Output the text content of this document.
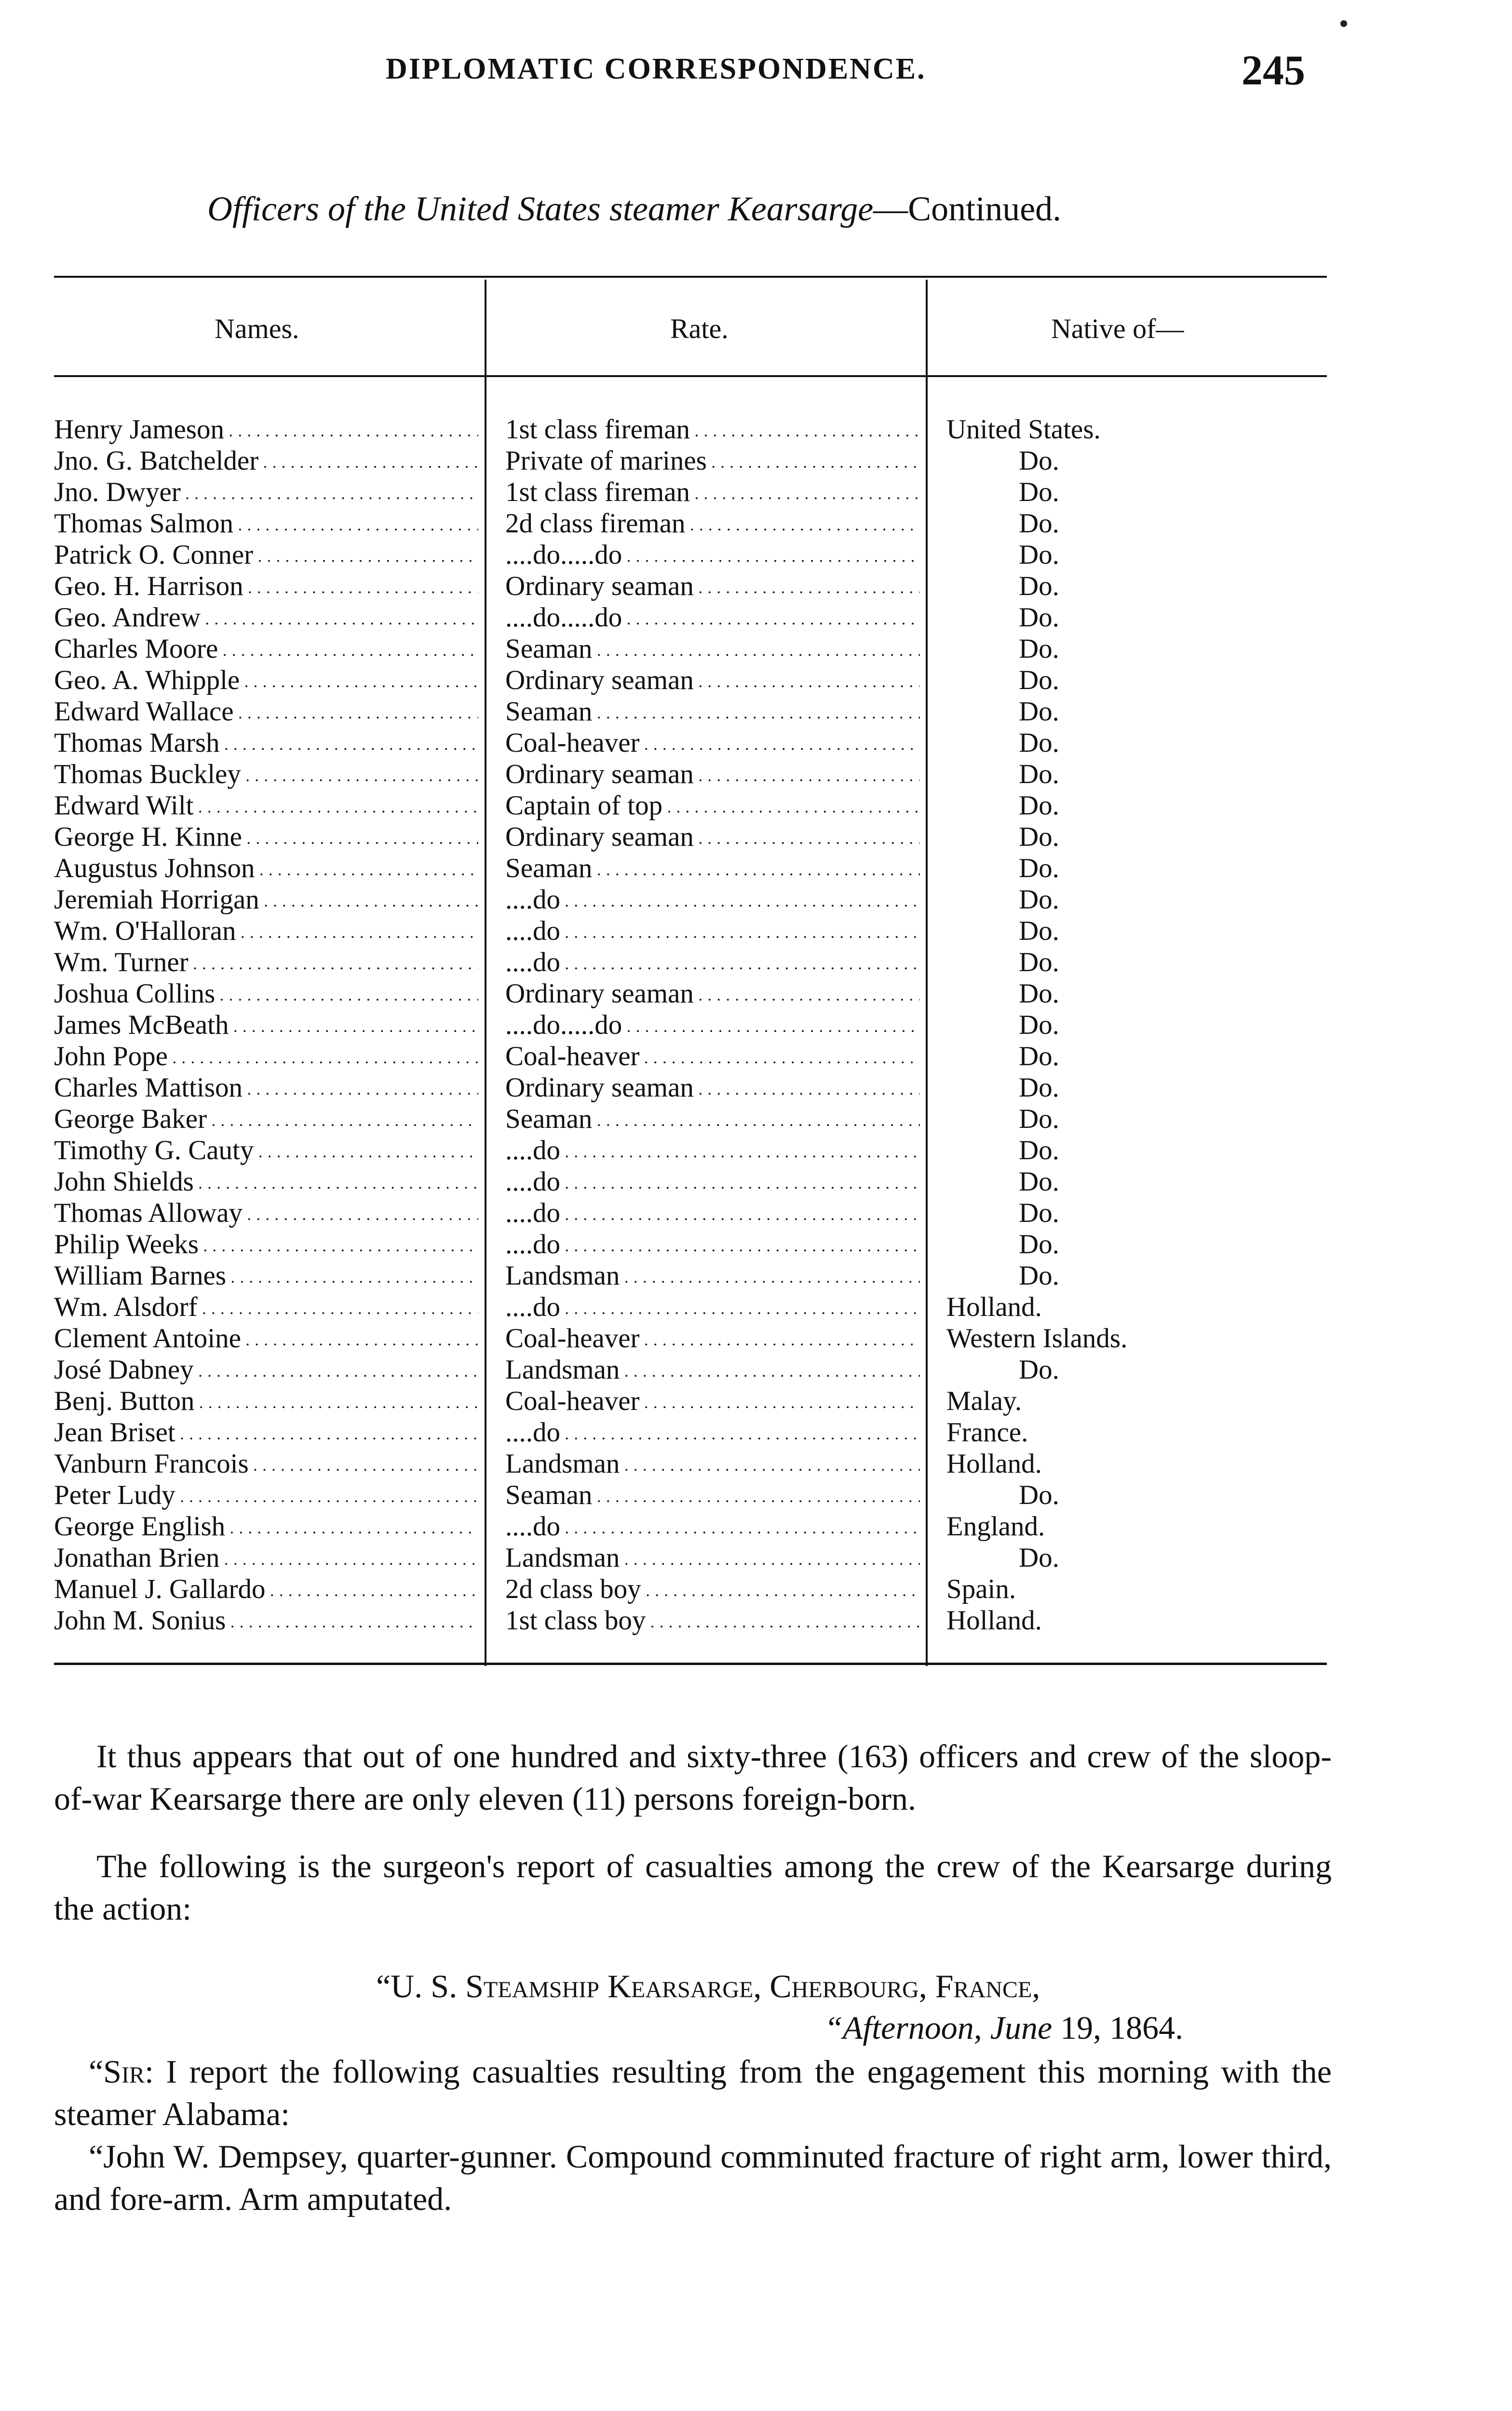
DIPLOMATIC CORRESPONDENCE.	245
Officers of the United States steamer Kearsarge—Continued.
Names.	Rate.	Native of—
Henry Jameson . . .	1st class fireman . . .	United States.
Jno. G. Batchelder . . .	Private of marines . . .	Do.
Jno. Dwyer . . .	1st class fireman . . .	Do.
Thomas Salmon . . .	2d class fireman . . .	Do.
Patrick O. Conner . . .	....do.....do . . .	Do.
Geo. H. Harrison . . .	Ordinary seaman . . .	Do.
Geo. Andrew . . .	....do.....do . . .	Do.
Charles Moore . . .	Seaman . . .	Do.
Geo. A. Whipple . . .	Ordinary seaman . . .	Do.
Edward Wallace . . .	Seaman . . .	Do.
Thomas Marsh . . .	Coal-heaver . . .	Do.
Thomas Buckley . . .	Ordinary seaman . . .	Do.
Edward Wilt . . .	Captain of top . . .	Do.
George H. Kinne . . .	Ordinary seaman . . .	Do.
Augustus Johnson . . .	Seaman . . .	Do.
Jeremiah Horrigan . . .	....do . . .	Do.
Wm. O'Halloran . . .	....do . . .	Do.
Wm. Turner . . .	....do . . .	Do.
Joshua Collins . . .	Ordinary seaman . . .	Do.
James McBeath . . .	....do.....do . . .	Do.
John Pope . . .	Coal-heaver . . .	Do.
Charles Mattison . . .	Ordinary seaman . . .	Do.
George Baker . . .	Seaman . . .	Do.
Timothy G. Cauty . . .	....do . . .	Do.
John Shields . . .	....do . . .	Do.
Thomas Alloway . . .	....do . . .	Do.
Philip Weeks . . .	....do . . .	Do.
William Barnes . . .	Landsman . . .	Do.
Wm. Alsdorf . . .	....do . . .	Holland.
Clement Antoine . . .	Coal-heaver . . .	Western Islands.
José Dabney . . .	Landsman . . .	Do.
Benj. Button . . .	Coal-heaver . . .	Malay.
Jean Briset . . .	....do . . .	France.
Vanburn Francois . . .	Landsman . . .	Holland.
Peter Ludy . . .	Seaman . . .	Do.
George English . . .	....do . . .	England.
Jonathan Brien . . .	Landsman . . .	Do.
Manuel J. Gallardo . . .	2d class boy . . .	Spain.
John M. Sonius . . .	1st class boy . . .	Holland.
It thus appears that out of one hundred and sixty-three (163) officers and crew of the sloop-of-war Kearsarge there are only eleven (11) persons foreign-born.
The following is the surgeon's report of casualties among the crew of the Kearsarge during the action:
“U. S. Steamship Kearsarge, Cherbourg, France,
“Afternoon, June 19, 1864.
“Sir: I report the following casualties resulting from the engagement this morning with the steamer Alabama:
“John W. Dempsey, quarter-gunner. Compound comminuted fracture of right arm, lower third, and fore-arm. Arm amputated.
